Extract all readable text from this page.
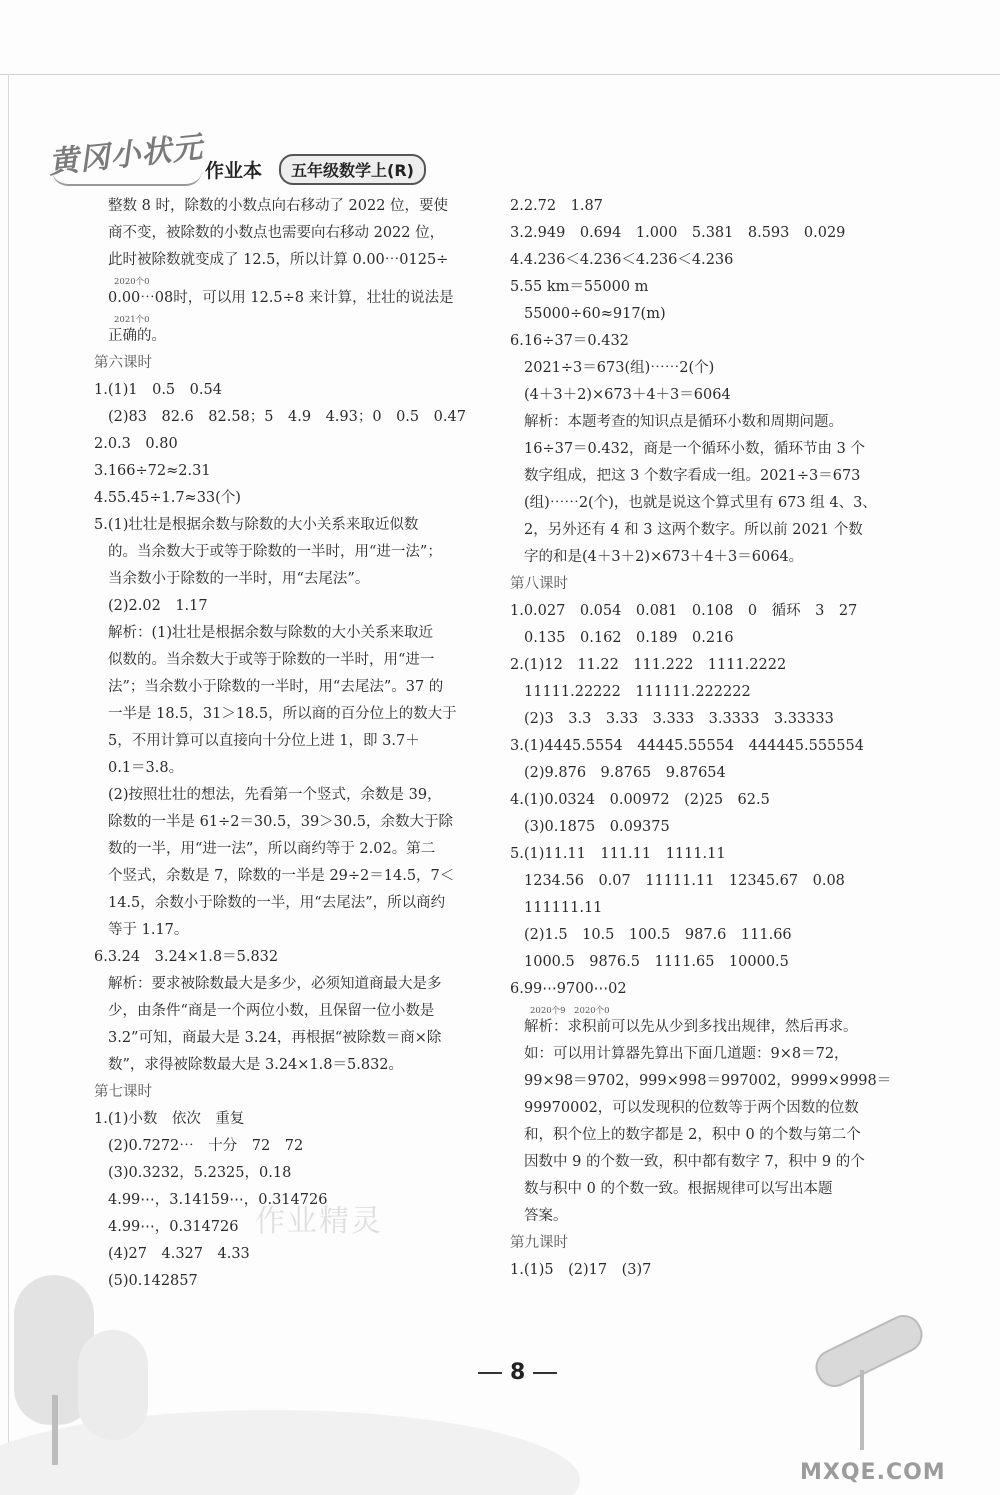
黄冈小状元 作业本	五年级数学上(R)
整数 8 时，除数的小数点向右移动了 2022 位，要使
商不变，被除数的小数点也需要向右移动 2022 位，
此时被除数就变成了 12.5，所以计算 0.00⋯0125÷
2020个0
0.00⋯08时，可以用 12.5÷8 来计算，壮壮的说法是
2021个0
正确的。
第六课时
1.(1)1　0.5　0.54
(2)83　82.6　82.58；5　4.9　4.93；0　0.5　0.47
2.0.3　0.80
3.166÷72≈2.31
4.55.45÷1.7≈33(个)
5.(1)壮壮是根据余数与除数的大小关系来取近似数
的。当余数大于或等于除数的一半时，用“进一法”；
当余数小于除数的一半时，用“去尾法”。
(2)2.02　1.17
解析：(1)壮壮是根据余数与除数的大小关系来取近
似数的。当余数大于或等于除数的一半时，用“进一
法”；当余数小于除数的一半时，用“去尾法”。37 的
一半是 18.5，31＞18.5，所以商的百分位上的数大于
5，不用计算可以直接向十分位上进 1，即 3.7＋
0.1＝3.8。
(2)按照壮壮的想法，先看第一个竖式，余数是 39，
除数的一半是 61÷2＝30.5，39＞30.5，余数大于除
数的一半，用“进一法”，所以商约等于 2.02。第二
个竖式，余数是 7，除数的一半是 29÷2＝14.5，7＜
14.5，余数小于除数的一半，用“去尾法”，所以商约
等于 1.17。
6.3.24　3.24×1.8＝5.832
解析：要求被除数最大是多少，必须知道商最大是多
少，由条件“商是一个两位小数，且保留一位小数是
3.2”可知，商最大是 3.24，再根据“被除数＝商×除
数”，求得被除数最大是 3.24×1.8＝5.832。
第七课时
1.(1)小数　依次　重复
(2)0.7272⋯　十分　72　72
(3)0.3232，5.2325，0.18
4.99⋯，3.14159⋯，0.314726
4.99⋯，0.314726
(4)27　4.327　4.33
(5)0.142857
2.2.72　1.87
3.2.949　0.694　1.000　5.381　8.593　0.029
4.4.236＜4.236＜4.236＜4.236
5.55 km＝55000 m
55000÷60≈917(m)
6.16÷37＝0.432
2021÷3＝673(组)⋯⋯2(个)
(4＋3＋2)×673＋4＋3＝6064
解析：本题考查的知识点是循环小数和周期问题。
16÷37＝0.432，商是一个循环小数，循环节由 3 个
数字组成，把这 3 个数字看成一组。2021÷3＝673
(组)⋯⋯2(个)，也就是说这个算式里有 673 组 4、3、
2，另外还有 4 和 3 这两个数字。所以前 2021 个数
字的和是(4＋3＋2)×673＋4＋3＝6064。
第八课时
1.0.027　0.054　0.081　0.108　0　循环　3　27
0.135　0.162　0.189　0.216
2.(1)12　11.22　111.222　1111.2222
11111.22222　111111.222222
(2)3　3.3　3.33　3.333　3.3333　3.33333
3.(1)4445.5554　44445.55554　444445.555554
(2)9.876　9.8765　9.87654
4.(1)0.0324　0.00972　(2)25　62.5
(3)0.1875　0.09375
5.(1)11.11　111.11　1111.11
1234.56　0.07　11111.11　12345.67　0.08
111111.11
(2)1.5　10.5　100.5　987.6　111.66
1000.5　9876.5　1111.65　10000.5
6.99⋯9700⋯02
2020个9　2020个0
解析：求积前可以先从少到多找出规律，然后再求。
如：可以用计算器先算出下面几道题：9×8＝72，
99×98＝9702，999×998＝997002，9999×9998＝
99970002，可以发现积的位数等于两个因数的位数
和，积个位上的数字都是 2，积中 0 的个数与第二个
因数中 9 的个数一致，积中都有数字 7，积中 9 的个
数与积中 0 的个数一致。根据规律可以写出本题
答案。
第九课时
1.(1)5　(2)17　(3)7
作业精灵
8
MXQE.COM
